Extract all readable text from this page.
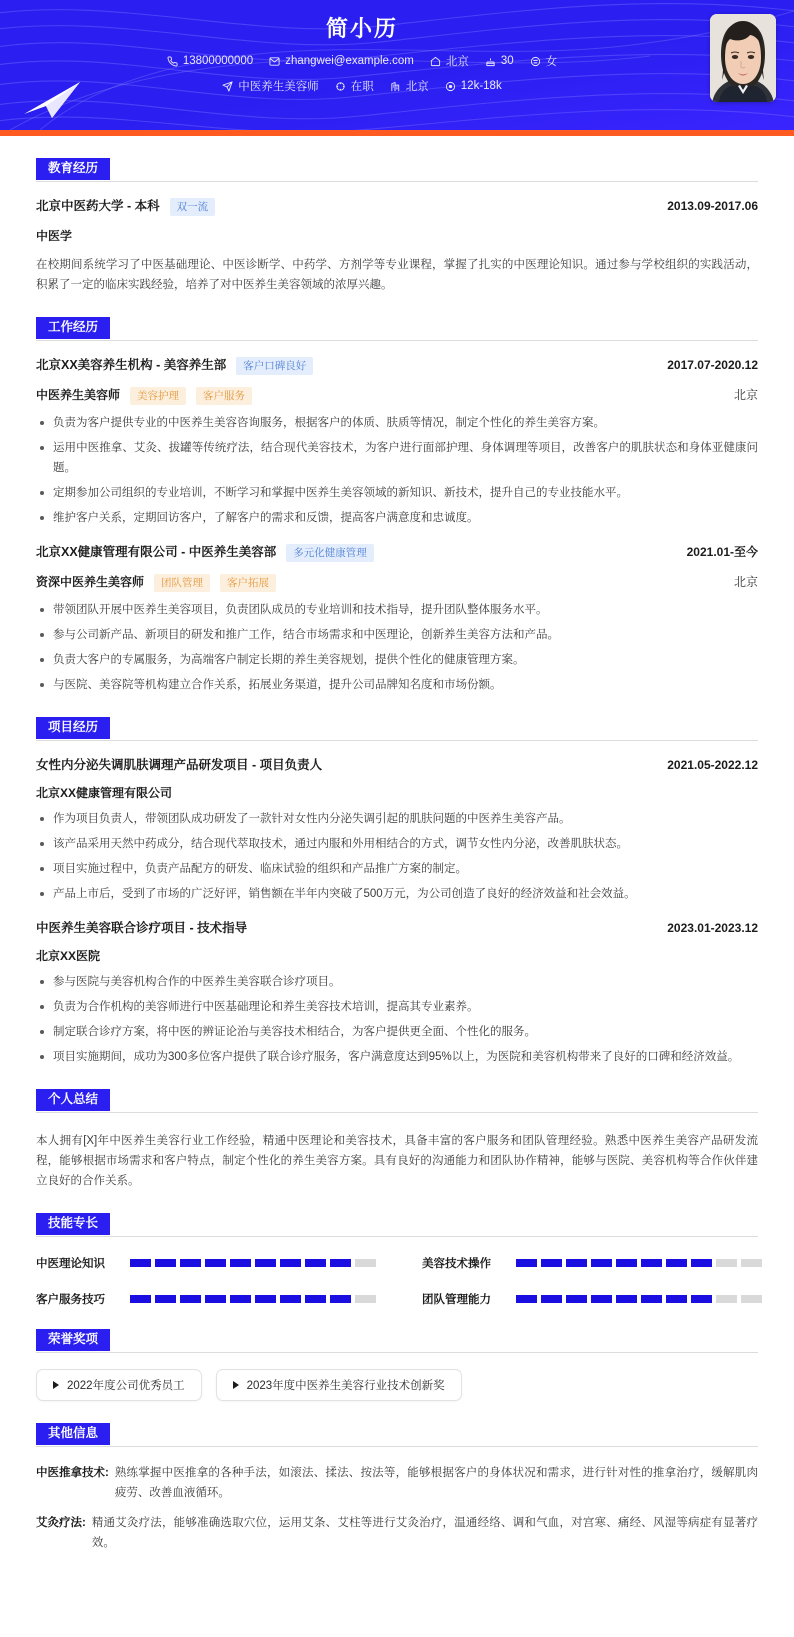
简小历
13800000000	zhangwei@example.com	北京	30	女
中医养生美容师	在职	北京	12k-18k
教育经历
北京中医药大学 - 本科	双一流	2013.09-2017.06
中医学
在校期间系统学习了中医基础理论、中医诊断学、中药学、方剂学等专业课程，掌握了扎实的中医理论知识。通过参与学校组织的实践活动，积累了一定的临床实践经验，培养了对中医养生美容领域的浓厚兴趣。
工作经历
北京XX美容养生机构 - 美容养生部	客户口碑良好	2017.07-2020.12
中医养生美容师	美容护理	客户服务	北京
负责为客户提供专业的中医养生美容咨询服务，根据客户的体质、肤质等情况，制定个性化的养生美容方案。
运用中医推拿、艾灸、拔罐等传统疗法，结合现代美容技术，为客户进行面部护理、身体调理等项目，改善客户的肌肤状态和身体亚健康问题。
定期参加公司组织的专业培训，不断学习和掌握中医养生美容领域的新知识、新技术，提升自己的专业技能水平。
维护客户关系，定期回访客户，了解客户的需求和反馈，提高客户满意度和忠诚度。
北京XX健康管理有限公司 - 中医养生美容部	多元化健康管理	2021.01-至今
资深中医养生美容师	团队管理	客户拓展	北京
带领团队开展中医养生美容项目，负责团队成员的专业培训和技术指导，提升团队整体服务水平。
参与公司新产品、新项目的研发和推广工作，结合市场需求和中医理论，创新养生美容方法和产品。
负责大客户的专属服务，为高端客户制定长期的养生美容规划，提供个性化的健康管理方案。
与医院、美容院等机构建立合作关系，拓展业务渠道，提升公司品牌知名度和市场份额。
项目经历
女性内分泌失调肌肤调理产品研发项目 - 项目负责人	2021.05-2022.12
北京XX健康管理有限公司
作为项目负责人，带领团队成功研发了一款针对女性内分泌失调引起的肌肤问题的中医养生美容产品。
该产品采用天然中药成分，结合现代萃取技术，通过内服和外用相结合的方式，调节女性内分泌，改善肌肤状态。
项目实施过程中，负责产品配方的研发、临床试验的组织和产品推广方案的制定。
产品上市后，受到了市场的广泛好评，销售额在半年内突破了500万元，为公司创造了良好的经济效益和社会效益。
中医养生美容联合诊疗项目 - 技术指导	2023.01-2023.12
北京XX医院
参与医院与美容机构合作的中医养生美容联合诊疗项目。
负责为合作机构的美容师进行中医基础理论和养生美容技术培训，提高其专业素养。
制定联合诊疗方案，将中医的辨证论治与美容技术相结合，为客户提供更全面、个性化的服务。
项目实施期间，成功为300多位客户提供了联合诊疗服务，客户满意度达到95%以上，为医院和美容机构带来了良好的口碑和经济效益。
个人总结
本人拥有[X]年中医养生美容行业工作经验，精通中医理论和美容技术，具备丰富的客户服务和团队管理经验。熟悉中医养生美容产品研发流程，能够根据市场需求和客户特点，制定个性化的养生美容方案。具有良好的沟通能力和团队协作精神，能够与医院、美容机构等合作伙伴建立良好的合作关系。
技能专长
中医理论知识	美容技术操作
客户服务技巧	团队管理能力
荣誉奖项
2022年度公司优秀员工	2023年度中医养生美容行业技术创新奖
其他信息
中医推拿技术: 熟练掌握中医推拿的各种手法，如滚法、揉法、按法等，能够根据客户的身体状况和需求，进行针对性的推拿治疗，缓解肌肉疲劳、改善血液循环。
艾灸疗法: 精通艾灸疗法，能够准确选取穴位，运用艾条、艾柱等进行艾灸治疗，温通经络、调和气血，对宫寒、痛经、风湿等病症有显著疗效。
